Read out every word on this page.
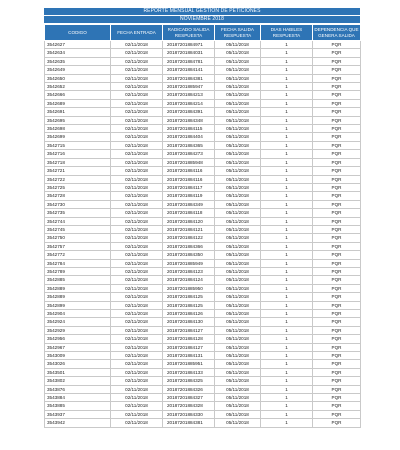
REPORTE MENSUAL GESTION DE PETICIONES
NOVIEMBRE 2018
CODIGO	FECHA ENTRADA	RADICADO SALIDA RESPUESTA	FECHA SALIDA RESPUESTA	DIAS HABILES RESPUESTA	DEPENDENCIA QUE GENERA SALIDA
3542627	02/11/2018	20187201884971	05/11/2018	1	PQR
3542634	02/11/2018	20187201884031	05/11/2018	1	PQR
3542635	02/11/2018	20187201884781	05/11/2018	1	PQR
3542649	02/11/2018	20187201884141	05/11/2018	1	PQR
3542650	02/11/2018	20187201884381	05/11/2018	1	PQR
3542652	02/11/2018	20187201885947	05/11/2018	1	PQR
3542666	02/11/2018	20187201884213	05/11/2018	1	PQR
3542689	02/11/2018	20187201884214	05/11/2018	1	PQR
3542691	02/11/2018	20187201884391	05/11/2018	1	PQR
3542695	02/11/2018	20187201884348	05/11/2018	1	PQR
3542698	02/11/2018	20187201884115	05/11/2018	1	PQR
3542699	02/11/2018	20187201884404	05/11/2018	1	PQR
3542715	02/11/2018	20187201884365	05/11/2018	1	PQR
3542716	02/11/2018	20187201884273	05/11/2018	1	PQR
3542718	02/11/2018	20187201885948	05/11/2018	1	PQR
3542721	02/11/2018	20187201884116	05/11/2018	1	PQR
3542722	02/11/2018	20187201884116	05/11/2018	1	PQR
3542725	02/11/2018	20187201884117	05/11/2018	1	PQR
3542728	02/11/2018	20187201884119	05/11/2018	1	PQR
3542730	02/11/2018	20187201884349	05/11/2018	1	PQR
3542735	02/11/2018	20187201884118	05/11/2018	1	PQR
3542744	02/11/2018	20187201884120	05/11/2018	1	PQR
3542745	02/11/2018	20187201884121	05/11/2018	1	PQR
3542750	02/11/2018	20187201884122	05/11/2018	1	PQR
3542757	02/11/2018	20187201884366	05/11/2018	1	PQR
3542772	02/11/2018	20187201884350	05/11/2018	1	PQR
3542784	02/11/2018	20187201885949	05/11/2018	1	PQR
3542789	02/11/2018	20187201884123	05/11/2018	1	PQR
3542885	02/11/2018	20187201884124	05/11/2018	1	PQR
3542889	02/11/2018	20187201885950	05/11/2018	1	PQR
3542889	02/11/2018	20187201884125	05/11/2018	1	PQR
3542899	02/11/2018	20187201884125	05/11/2018	1	PQR
3542904	02/11/2018	20187201884126	05/11/2018	1	PQR
3542924	02/11/2018	20187201884130	05/11/2018	1	PQR
3542929	02/11/2018	20187201884127	05/11/2018	1	PQR
3542956	02/11/2018	20187201884128	05/11/2018	1	PQR
3542967	02/11/2018	20187201884127	05/11/2018	1	PQR
3543009	02/11/2018	20187201884131	05/11/2018	1	PQR
3543026	02/11/2018	20187201885951	05/11/2018	1	PQR
3543501	02/11/2018	20187201884133	05/11/2018	1	PQR
3543802	02/11/2018	20187201884325	05/11/2018	1	PQR
3543876	02/11/2018	20187201884326	05/11/2018	1	PQR
3543884	02/11/2018	20187201884327	05/11/2018	1	PQR
3543885	02/11/2018	20187201884328	05/11/2018	1	PQR
3543937	02/11/2018	20187201884330	05/11/2018	1	PQR
3543942	02/11/2018	20187201884381	05/11/2018	1	PQR
